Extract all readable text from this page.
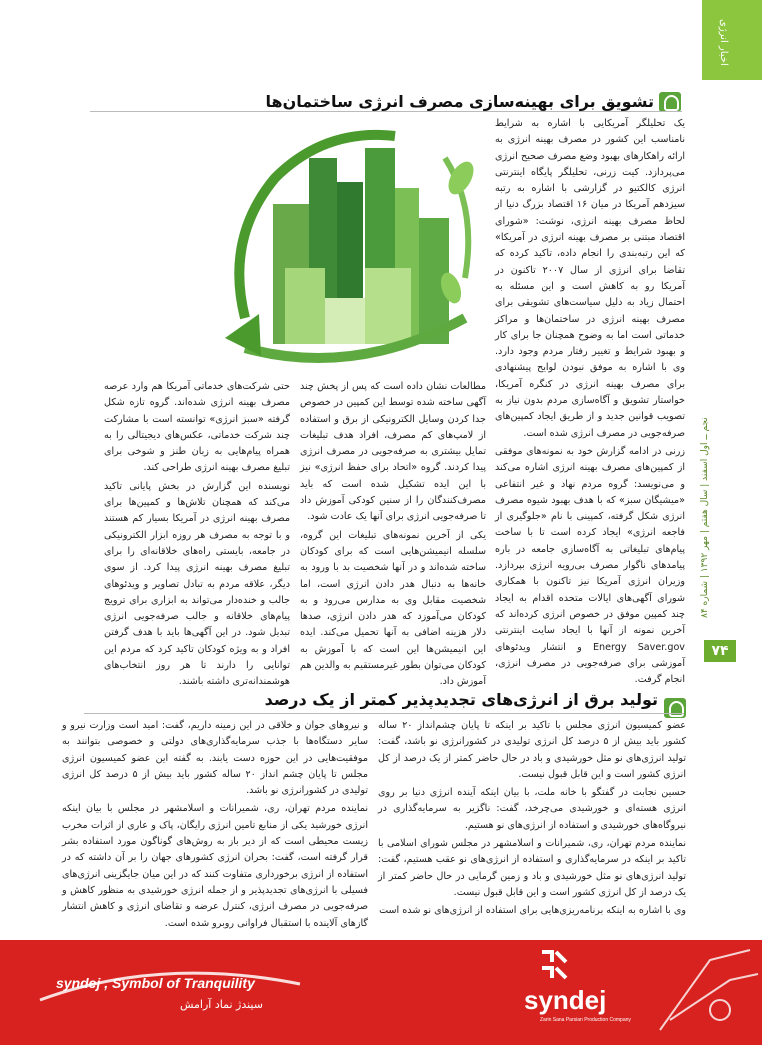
اخبار انرژی
نجم ــ اول اسفند | سال هفتم | مهر ۱۳۹۲ | شماره ۸۴
۷۴
تشویق برای بهینه‌سازی مصرف انرژی ساختمان‌ها

یک تحلیلگر آمریکایی با اشاره به شرایط نامناسب این کشور در مصرف بهینه انرژی به ارائه راهکارهای بهبود وضع مصرف صحیح انرژی می‌پردازد. کیت زرنی، تحلیلگر پایگاه اینترنتی انرژی کالکتیو در گزارشی با اشاره به رتبه سیزدهم آمریکا در میان ۱۶ اقتصاد بزرگ دنیا از لحاظ مصرف بهینه انرژی، نوشت: «شورای اقتصاد مبتنی بر مصرف بهینه انرژی در آمریکا» که این رتبه‌بندی را انجام داده، تاکید کرده که تقاضا برای انرژی از سال ۲۰۰۷ تاکنون در آمریکا رو به کاهش است و این مسئله به احتمال زیاد به دلیل سیاست‌های تشویقی برای مصرف بهینه انرژی در ساختمان‌ها و مراکز خدماتی است اما به وضوح همچنان جا برای کار و بهبود شرایط و تغییر رفتار مردم وجود دارد. وی با اشاره به موفق نبودن لوایح پیشنهادی برای مصرف بهینه انرژی در کنگره آمریکا، خواستار تشویق و آگاه‌سازی مردم بدون نیاز به تصویب قوانین جدید و از طریق ایجاد کمپین‌های صرفه‌جویی در مصرف انرژی شده است.

زرنی در ادامه گزارش خود به نمونه‌های موفقی از کمپین‌های مصرف بهینه انرژی اشاره می‌کند و می‌نویسد: گروه مردم نهاد و غیر انتفاعی «میشیگان سبز» که با هدف بهبود شیوه مصرف انرژی شکل گرفته، کمپینی با نام «جلوگیری از فاجعه انرژی» ایجاد کرده است تا با ساخت پیام‌های تبلیغاتی به آگاه‌سازی جامعه در باره پیامدهای ناگوار مصرف بی‌رویه انرژی بپردازد. وزیران انرژی آمریکا نیز تاکنون با همکاری شورای آگهی‌های ایالات متحده اقدام به ایجاد چند کمپین موفق در خصوص انرژی کرده‌اند که آخرین نمونه از آنها با ایجاد سایت اینترنتی Energy Saver.gov و انتشار ویدئوهای آموزشی برای صرفه‌جویی در مصرف انرژی، انجام گرفت.

مطالعات نشان داده است که پس از پخش چند آگهی ساخته شده توسط این کمپین در خصوص جدا کردن وسایل الکترونیکی از برق و استفاده از لامپ‌های کم مصرف، افراد هدف تبلیغات تمایل بیشتری به صرفه‌جویی در مصرف انرژی پیدا کردند. گروه «اتحاد برای حفظ انرژی» نیز با این ایده تشکیل شده است که باید مصرف‌کنندگان را از سنین کودکی آموزش داد تا صرفه‌جویی انرژی برای آنها یک عادت شود.

یکی از آخرین نمونه‌های تبلیغات این گروه، سلسله انیمیشن‌هایی است که برای کودکان ساخته شده‌اند و در آنها شخصیت بد با ورود به خانه‌ها به دنبال هدر دادن انرژی است، اما شخصیت مقابل وی به مدارس می‌رود و به کودکان می‌آموزد که هدر دادن انرژی، صدها دلار هزینه اضافی به آنها تحمیل می‌کند. ایده این انیمیشن‌ها این است که با آموزش به کودکان می‌توان بطور غیرمستقیم به والدین هم آموزش داد.

حتی شرکت‌های خدماتی آمریکا هم وارد عرصه مصرف بهینه انرژی شده‌اند. گروه تازه شکل گرفته «سبز انرژی» توانسته است با مشارکت چند شرکت خدماتی، عکس‌های دیجیتالی را به همراه پیام‌هایی به زبان طنز و شوخی برای تبلیغ مصرف بهینه انرژی طراحی کند.

نویسنده این گزارش در بخش پایانی تاکید می‌کند که همچنان تلاش‌ها و کمپین‌ها برای مصرف بهینه انرژی در آمریکا بسیار کم هستند و با توجه به مصرف هر روزه ابزار الکترونیکی در جامعه، بایستی راه‌های خلاقانه‌ای را برای تبلیغ مصرف بهینه انرژی پیدا کرد. از سوی دیگر، علاقه مردم به تبادل تصاویر و ویدئوهای جالب و خنده‌دار می‌تواند به ابزاری برای ترویج پیام‌های خلاقانه و جالب صرفه‌جویی انرژی تبدیل شود. در این آگهی‌ها باید با هدف گرفتن افراد و به ویژه کودکان تاکید کرد که مردم این توانایی را دارند تا هر روز انتخاب‌های هوشمندانه‌تری داشته باشند.

تولید برق از انرژی‌های تجدیدپذیر کمتر از یک درصد

عضو کمیسیون انرژی مجلس با تاکید بر اینکه تا پایان چشم‌انداز ۲۰ ساله کشور باید بیش از ۵ درصد کل انرژی تولیدی در کشورانرژی نو باشد، گفت: تولید انرژی‌های نو مثل خورشیدی و باد در حال حاضر کمتر از یک درصد از کل انرژی کشور است و این قابل قبول نیست.

حسین نجابت در گفتگو با خانه ملت، با بیان اینکه آینده انرژی دنیا بر روی انرژی هسته‌ای و خورشیدی می‌چرخد، گفت: ناگزیر به سرمایه‌گذاری در نیروگاه‌های خورشیدی و استفاده از انرژی‌های نو هستیم.

نماینده مردم تهران، ری، شمیرانات و اسلامشهر در مجلس شورای اسلامی با تاکید بر اینکه در سرمایه‌گذاری و استفاده از انرژی‌های نو عقب هستیم، گفت: تولید انرژی‌های نو مثل خورشیدی و باد و زمین گرمایی در حال حاضر کمتر از یک درصد از کل انرژی کشور است و این قابل قبول نیست.

وی با اشاره به اینکه برنامه‌ریزی‌هایی برای استفاده از انرژی‌های نو شده است

و نیروهای جوان و خلاقی در این زمینه داریم، گفت: امید است وزارت نیرو و سایر دستگاه‌ها با جذب سرمایه‌گذاری‌های دولتی و خصوصی بتوانند به موفقیت‌هایی در این حوزه دست یابند. به گفته این عضو کمیسیون انرژی مجلس تا پایان چشم انداز ۲۰ ساله کشور باید بیش از ۵ درصد کل انرژی تولیدی در کشورانرژی نو باشد.

نماینده مردم تهران، ری، شمیرانات و اسلامشهر در مجلس با بیان اینکه انرژی خورشید یکی از منابع تامین انرژی رایگان، پاک و عاری از اثرات مخرب زیست محیطی است که از دیر باز به روش‌های گوناگون مورد استفاده بشر قرار گرفته است، گفت: بحران انرژی کشورهای جهان را بر آن داشته که در استفاده از انرژی برخورداری متفاوت کنند که در این میان جایگزینی انرژی‌های فسیلی با انرژی‌های تجدیدپذیر و از جمله انرژی خورشیدی به منظور کاهش و صرفه‌جویی در مصرف انرژی، کنترل عرضه و تقاضای انرژی و کاهش انتشار گازهای آلاینده با استقبال فراوانی روبرو شده است.

syndej , Symbol of Tranquility
سیندژ نماد آرامش	syndej
Zarin Sana Parsian Production Company
